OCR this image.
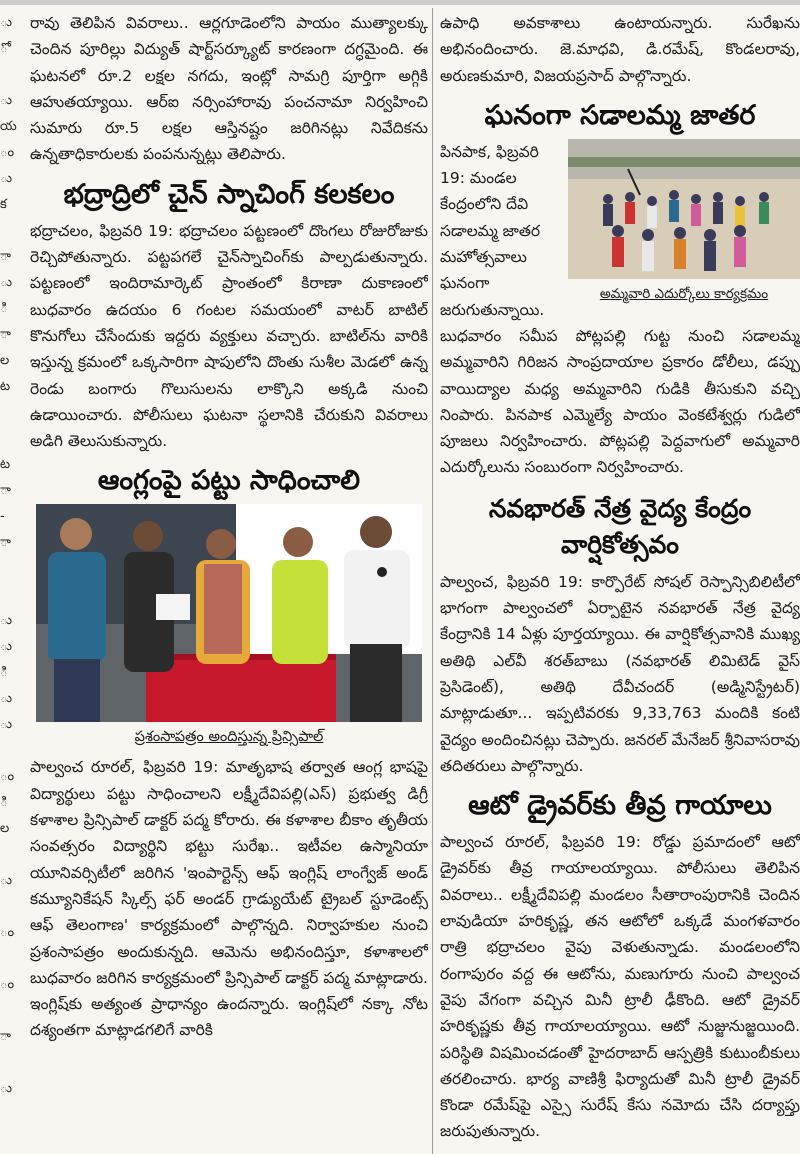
ు
ో

ు
య
ం
ు
క

ా
ు
ి
ా
ల
ట

ట
ా
-
ా

ు
ు
ి
ు
ు

ం
ి
ల

ు

ం

ం

ా

ు

రావు తెలిపిన వివరాలు.. ఆర్లగూడెంలోని పాయం ముత్యాలక్కు చెందిన పూరిల్లు విద్యుత్ షార్ట్‌సర్క్యూట్ కారణంగా దగ్ధమైంది. ఈ ఘటనలో రూ.2 లక్షల నగదు, ఇంట్లో సామగ్రి పూర్తిగా అగ్గికి ఆహుతయ్యాయి. ఆర్ఐ నర్సింహారావు పంచనామా నిర్వహించి సుమారు రూ.5 లక్షల ఆస్తినష్టం జరిగినట్లు నివేదికను ఉన్నతాధికారులకు పంపనున్నట్లు తెలిపారు.

భద్రాద్రిలో చైన్ స్నాచింగ్ కలకలం

భద్రాచలం, ఫిబ్రవరి 19: భద్రాచలం పట్టణంలో దొంగలు రోజురోజుకు రెచ్చిపోతున్నారు. పట్టపగలే చైన్‌స్నాచింగ్‌కు పాల్పడుతున్నారు. పట్టణంలో ఇందిరామార్కెట్ ప్రాంతంలో కిరాణా దుకాణంలో బుధవారం ఉదయం 6 గంటల సమయంలో వాటర్ బాటిల్ కొనుగోలు చేసేందుకు ఇద్దరు వ్యక్తులు వచ్చారు. బాటిల్‌ను వారికి ఇస్తున్న క్రమంలో ఒక్కసారిగా షాపులోని దొంతు సుశీల మెడలో ఉన్న రెండు బంగారు గొలుసులను లాక్కొని అక్కడి నుంచి ఉడాయించారు. పోలీసులు ఘటనా స్థలానికి చేరుకుని వివరాలు అడిగి తెలుసుకున్నారు.

ఆంగ్లంపై పట్టు సాధించాలి
ప్రశంసాపత్రం అందిస్తున్న ప్రిన్సిపాల్

పాల్వంచ రూరల్, ఫిబ్రవరి 19: మాతృభాష తర్వాత ఆంగ్ల భాషపై విద్యార్థులు పట్టు సాధించాలని లక్ష్మీదేవిపల్లి(ఎస్) ప్రభుత్వ డిగ్రీ కళాశాల ప్రిన్సిపాల్ డాక్టర్ పద్మ కోరారు. ఈ కళాశాల బీకాం తృతీయ సంవత్సరం విద్యార్థిని భట్టు సురేఖ.. ఇటీవల ఉస్మానియా యూనివర్సిటీలో జరిగిన 'ఇంపార్టెన్స్ ఆఫ్ ఇంగ్లిష్ లాంగ్వేజ్ అండ్ కమ్యూనికేషన్ స్కిల్స్ ఫర్ అండర్ గ్రాడ్యుయేట్ ట్రైబల్ స్టూడెంట్స్ ఆఫ్ తెలంగాణ' కార్యక్రమంలో పాల్గొన్నది. నిర్వాహకుల నుంచి ప్రశంసాపత్రం అందుకున్నది. ఆమెను అభినందిస్తూ, కళాశాలలో బుధవారం జరిగిన కార్యక్రమంలో ప్రిన్సిపాల్ డాక్టర్ పద్మ మాట్లాడారు. ఇంగ్లిష్‌కు అత్యంత ప్రాధాన్యం ఉందన్నారు. ఇంగ్లిష్‌లో నక్కా నోట దశ్యంతగా మాట్లాడగలిగే వారికి

ఉపాధి అవకాశాలు ఉంటాయన్నారు. సురేఖను అభినందించారు. జె.మాధవి, డి.రమేష్, కొండలరావు, అరుణకుమారి, విజయప్రసాద్ పాల్గొన్నారు.

ఘనంగా సడాలమ్మ జాతర
అమ్మవారి ఎదుర్కోలు కార్యక్రమం

పినపాక, ఫిబ్రవరి 19: మండల కేంద్రంలోని దేవి సడాలమ్మ జాతర మహోత్సవాలు ఘనంగా జరుగుతున్నాయి.

బుధవారం సమీప పోట్లపల్లి గుట్ట నుంచి సడాలమ్మ అమ్మవారిని గిరిజన సాంప్రదాయాల ప్రకారం డోలీలు, డప్పు వాయిద్యాల మధ్య అమ్మవారిని గుడికి తీసుకుని వచ్చి నింపారు. పినపాక ఎమ్మెల్యే పాయం వెంకటేశ్వర్లు గుడిలో పూజలు నిర్వహించారు. పోట్లపల్లి పెద్దవాగులో అమ్మవారి ఎదుర్కోలును సంబురంగా నిర్వహించారు.

నవభారత్ నేత్ర వైద్య కేంద్రం వార్షికోత్సవం

పాల్వంచ, ఫిబ్రవరి 19: కార్పొరేట్ సోషల్ రెస్పాన్సిబిలిటీలో భాగంగా పాల్వంచలో ఏర్పాటైన నవభారత్ నేత్ర వైద్య కేంద్రానికి 14 ఏళ్లు పూర్తయ్యాయి. ఈ వార్షికోత్సవానికి ముఖ్య అతిథి ఎల్‌వీ శరత్‌బాబు (నవభారత్ లిమిటెడ్ వైస్ ప్రెసిడెంట్), అతిథి దేవీచందర్ (అడ్మినిస్ట్రేటర్) మాట్లాడుతూ... ఇప్పటివరకు 9,33,763 మందికి కంటి వైద్యం అందించినట్లు చెప్పారు. జనరల్ మేనేజర్ శ్రీనివాసరావు తదితరులు పాల్గొన్నారు.

ఆటో డ్రైవర్‌కు తీవ్ర గాయాలు

పాల్వంచ రూరల్, ఫిబ్రవరి 19: రోడ్డు ప్రమాదంలో ఆటో డ్రైవర్‌కు తీవ్ర గాయాలయ్యాయి. పోలీసులు తెలిపిన వివరాలు.. లక్ష్మీదేవిపల్లి మండలం సీతారాంపురానికి చెందిన లావుడియా హరికృష్ణ, తన ఆటోలో ఒక్కడే మంగళవారం రాత్రి భద్రాచలం వైపు వెళుతున్నాడు. మండలంలోని రంగాపురం వద్ద ఈ ఆటోను, మణుగూరు నుంచి పాల్వంచ వైపు వేగంగా వచ్చిన మినీ ట్రాలీ ఢీకొంది. ఆటో డ్రైవర్ హరికృష్ణకు తీవ్ర గాయాలయ్యాయి. ఆటో నుజ్జునుజ్జయింది. పరిస్థితి విషమించడంతో హైదరాబాద్ ఆస్పత్రికి కుటుంబీకులు తరలించారు. భార్య వాణిశ్రీ ఫిర్యాదుతో మినీ ట్రాలీ డ్రైవర్ కొండా రమేష్‌పై ఎస్సై సురేష్ కేసు నమోదు చేసి దర్యాప్తు జరుపుతున్నారు.
